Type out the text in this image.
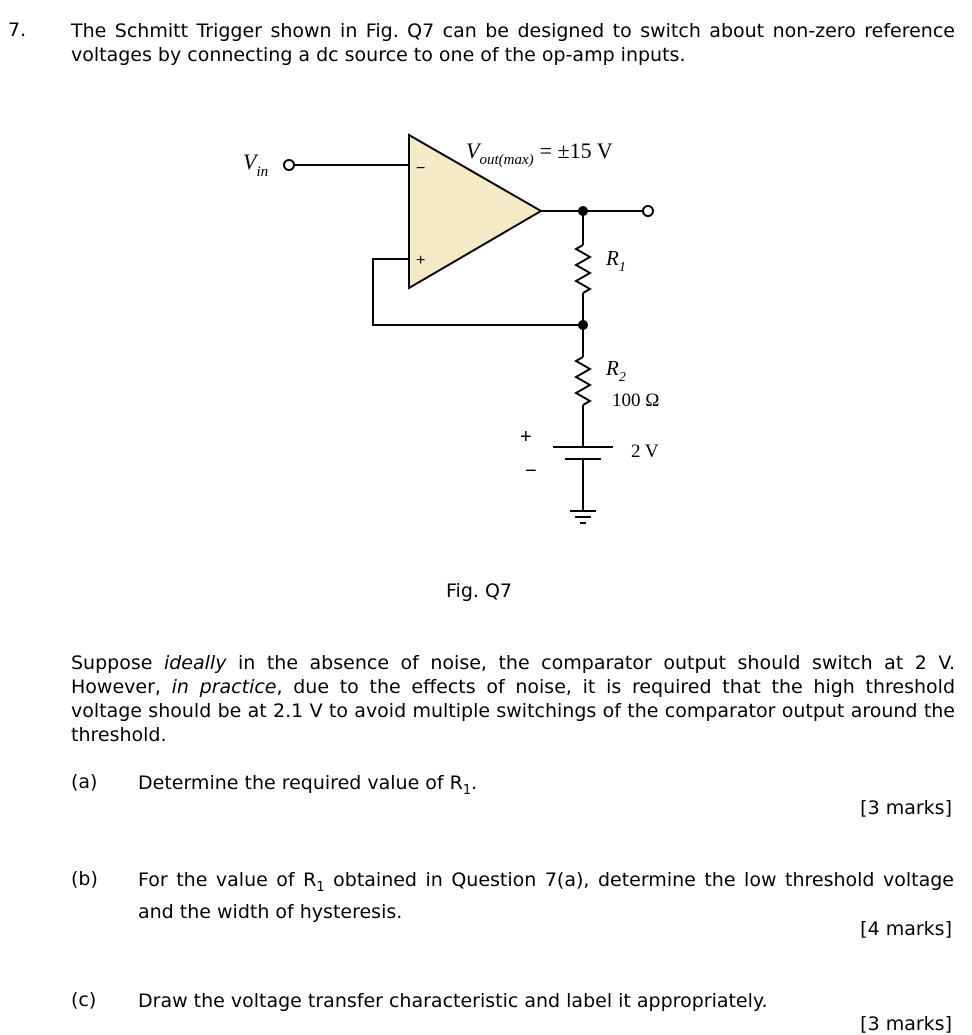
7. The Schmitt Trigger shown in Fig. Q7 can be designed to switch about non-zero reference voltages by connecting a dc source to one of the op-amp inputs.
$V_{in}$	−
+
$V_{out(max)} = \pm 15$ V
$R_1$
$R_2$
100 Ω
+
−
2 V
Fig. Q7
Suppose ideally in the absence of noise, the comparator output should switch at 2 V. However, in practice, due to the effects of noise, it is required that the high threshold voltage should be at 2.1 V to avoid multiple switchings of the comparator output around the threshold.
(a) Determine the required value of $R_1$.
[3 marks]
(b) For the value of $R_1$ obtained in Question 7(a), determine the low threshold voltage and the width of hysteresis.
[4 marks]
(c) Draw the voltage transfer characteristic and label it appropriately.
[3 marks]
